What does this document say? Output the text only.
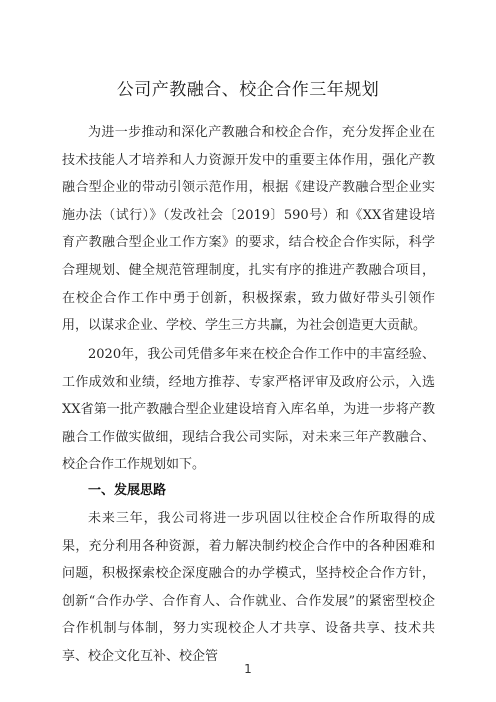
公司产教融合、校企合作三年规划

为进一步推动和深化产教融合和校企合作，充分发挥企业在技术技能人才培养和人力资源开发中的重要主体作用，强化产教融合型企业的带动引领示范作用，根据《建设产教融合型企业实施办法（试行）》（发改社会〔2019〕590号）和《XX省建设培育产教融合型企业工作方案》的要求，结合校企合作实际，科学合理规划、健全规范管理制度，扎实有序的推进产教融合项目，在校企合作工作中勇于创新，积极探索，致力做好带头引领作用，以谋求企业、学校、学生三方共赢，为社会创造更大贡献。

2020年，我公司凭借多年来在校企合作工作中的丰富经验、工作成效和业绩，经地方推荐、专家严格评审及政府公示，入选XX省第一批产教融合型企业建设培育入库名单，为进一步将产教融合工作做实做细，现结合我公司实际，对未来三年产教融合、校企合作工作规划如下。

一、发展思路

未来三年，我公司将进一步巩固以往校企合作所取得的成果，充分利用各种资源，着力解决制约校企合作中的各种困难和问题，积极探索校企深度融合的办学模式，坚持校企合作方针，创新“合作办学、合作育人、合作就业、合作发展”的紧密型校企合作机制与体制，努力实现校企人才共享、设备共享、技术共享、校企文化互补、校企管

1
